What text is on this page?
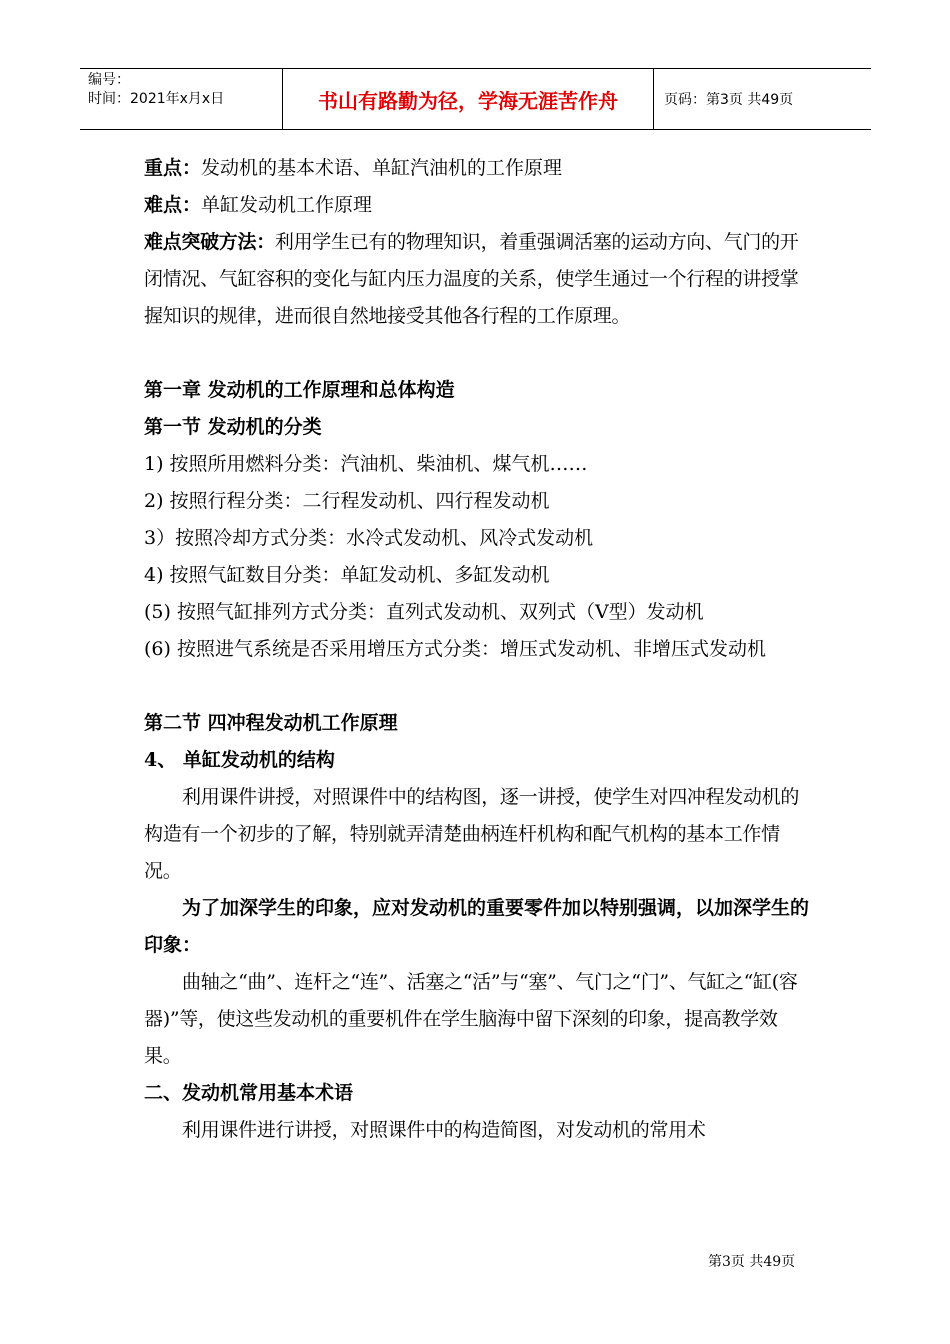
编号：
时间：2021年x月x日	书山有路勤为径，学海无涯苦作舟	页码：第3页 共49页

重点：发动机的基本术语、单缸汽油机的工作原理

难点：单缸发动机工作原理

难点突破方法：利用学生已有的物理知识，着重强调活塞的运动方向、气门的开闭情况、气缸容积的变化与缸内压力温度的关系，使学生通过一个行程的讲授掌握知识的规律，进而很自然地接受其他各行程的工作原理。

第一章 发动机的工作原理和总体构造

第一节 发动机的分类

1) 按照所用燃料分类：汽油机、柴油机、煤气机……

2) 按照行程分类：二行程发动机、四行程发动机

3）按照冷却方式分类：水冷式发动机、风冷式发动机

4) 按照气缸数目分类：单缸发动机、多缸发动机

(5) 按照气缸排列方式分类：直列式发动机、双列式（V型）发动机

(6) 按照进气系统是否采用增压方式分类：增压式发动机、非增压式发动机

第二节 四冲程发动机工作原理

4、 单缸发动机的结构

利用课件讲授，对照课件中的结构图，逐一讲授，使学生对四冲程发动机的构造有一个初步的了解，特别就弄清楚曲柄连杆机构和配气机构的基本工作情况。

为了加深学生的印象，应对发动机的重要零件加以特别强调，以加深学生的印象：

曲轴之“曲”、连杆之“连”、活塞之“活”与“塞”、气门之“门”、气缸之“缸(容器)”等，使这些发动机的重要机件在学生脑海中留下深刻的印象，提高教学效果。

二、发动机常用基本术语

利用课件进行讲授，对照课件中的构造简图，对发动机的常用术

第3页 共49页
